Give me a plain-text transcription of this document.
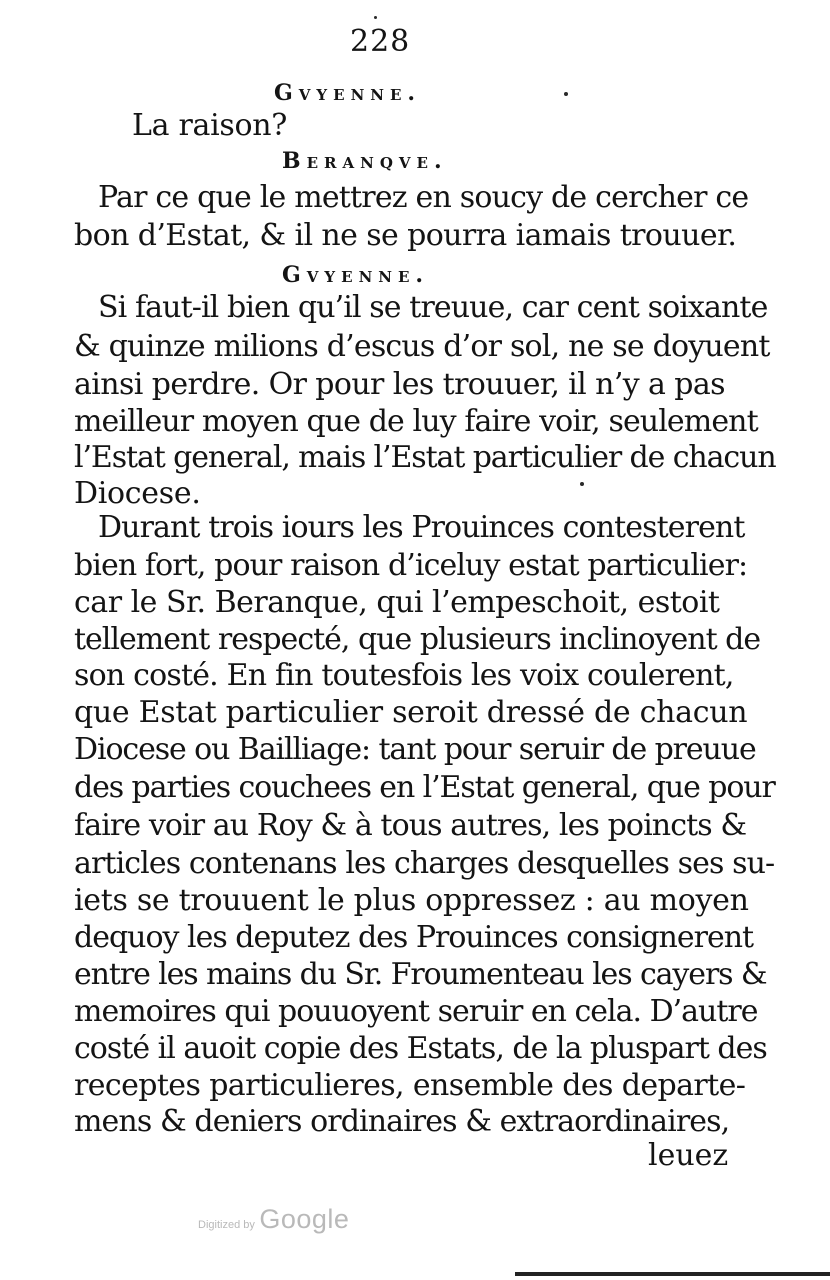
228
Gvyenne.
La raison?
Beranqve.
Par ce que le mettrez en soucy de cercher ce
bon d’Estat, & il ne se pourra iamais trouuer.
Gvyenne.
Si faut-il bien qu’il se treuue, car cent soixante
& quinze milions d’escus d’or sol, ne se doyuent
ainsi perdre. Or pour les trouuer, il n’y a pas
meilleur moyen que de luy faire voir, seulement
l’Estat general, mais l’Estat particulier de chacun
Diocese.
Durant trois iours les Prouinces contesterent
bien fort, pour raison d’iceluy estat particulier:
car le Sr. Beranque, qui l’empeschoit, estoit
tellement respecté, que plusieurs inclinoyent de
son costé. En fin toutesfois les voix coulerent,
que Estat particulier seroit dressé de chacun
Diocese ou Bailliage: tant pour seruir de preuue
des parties couchees en l’Estat general, que pour
faire voir au Roy & à tous autres, les poincts &
articles contenans les charges desquelles ses su-
iets se trouuent le plus oppressez : au moyen
dequoy les deputez des Prouinces consignerent
entre les mains du Sr. Froumenteau les cayers &
memoires qui pouuoyent seruir en cela. D’autre
costé il auoit copie des Estats, de la pluspart des
receptes particulieres, ensemble des departe-
mens & deniers ordinaires & extraordinaires,
leuez
Digitized by Google
